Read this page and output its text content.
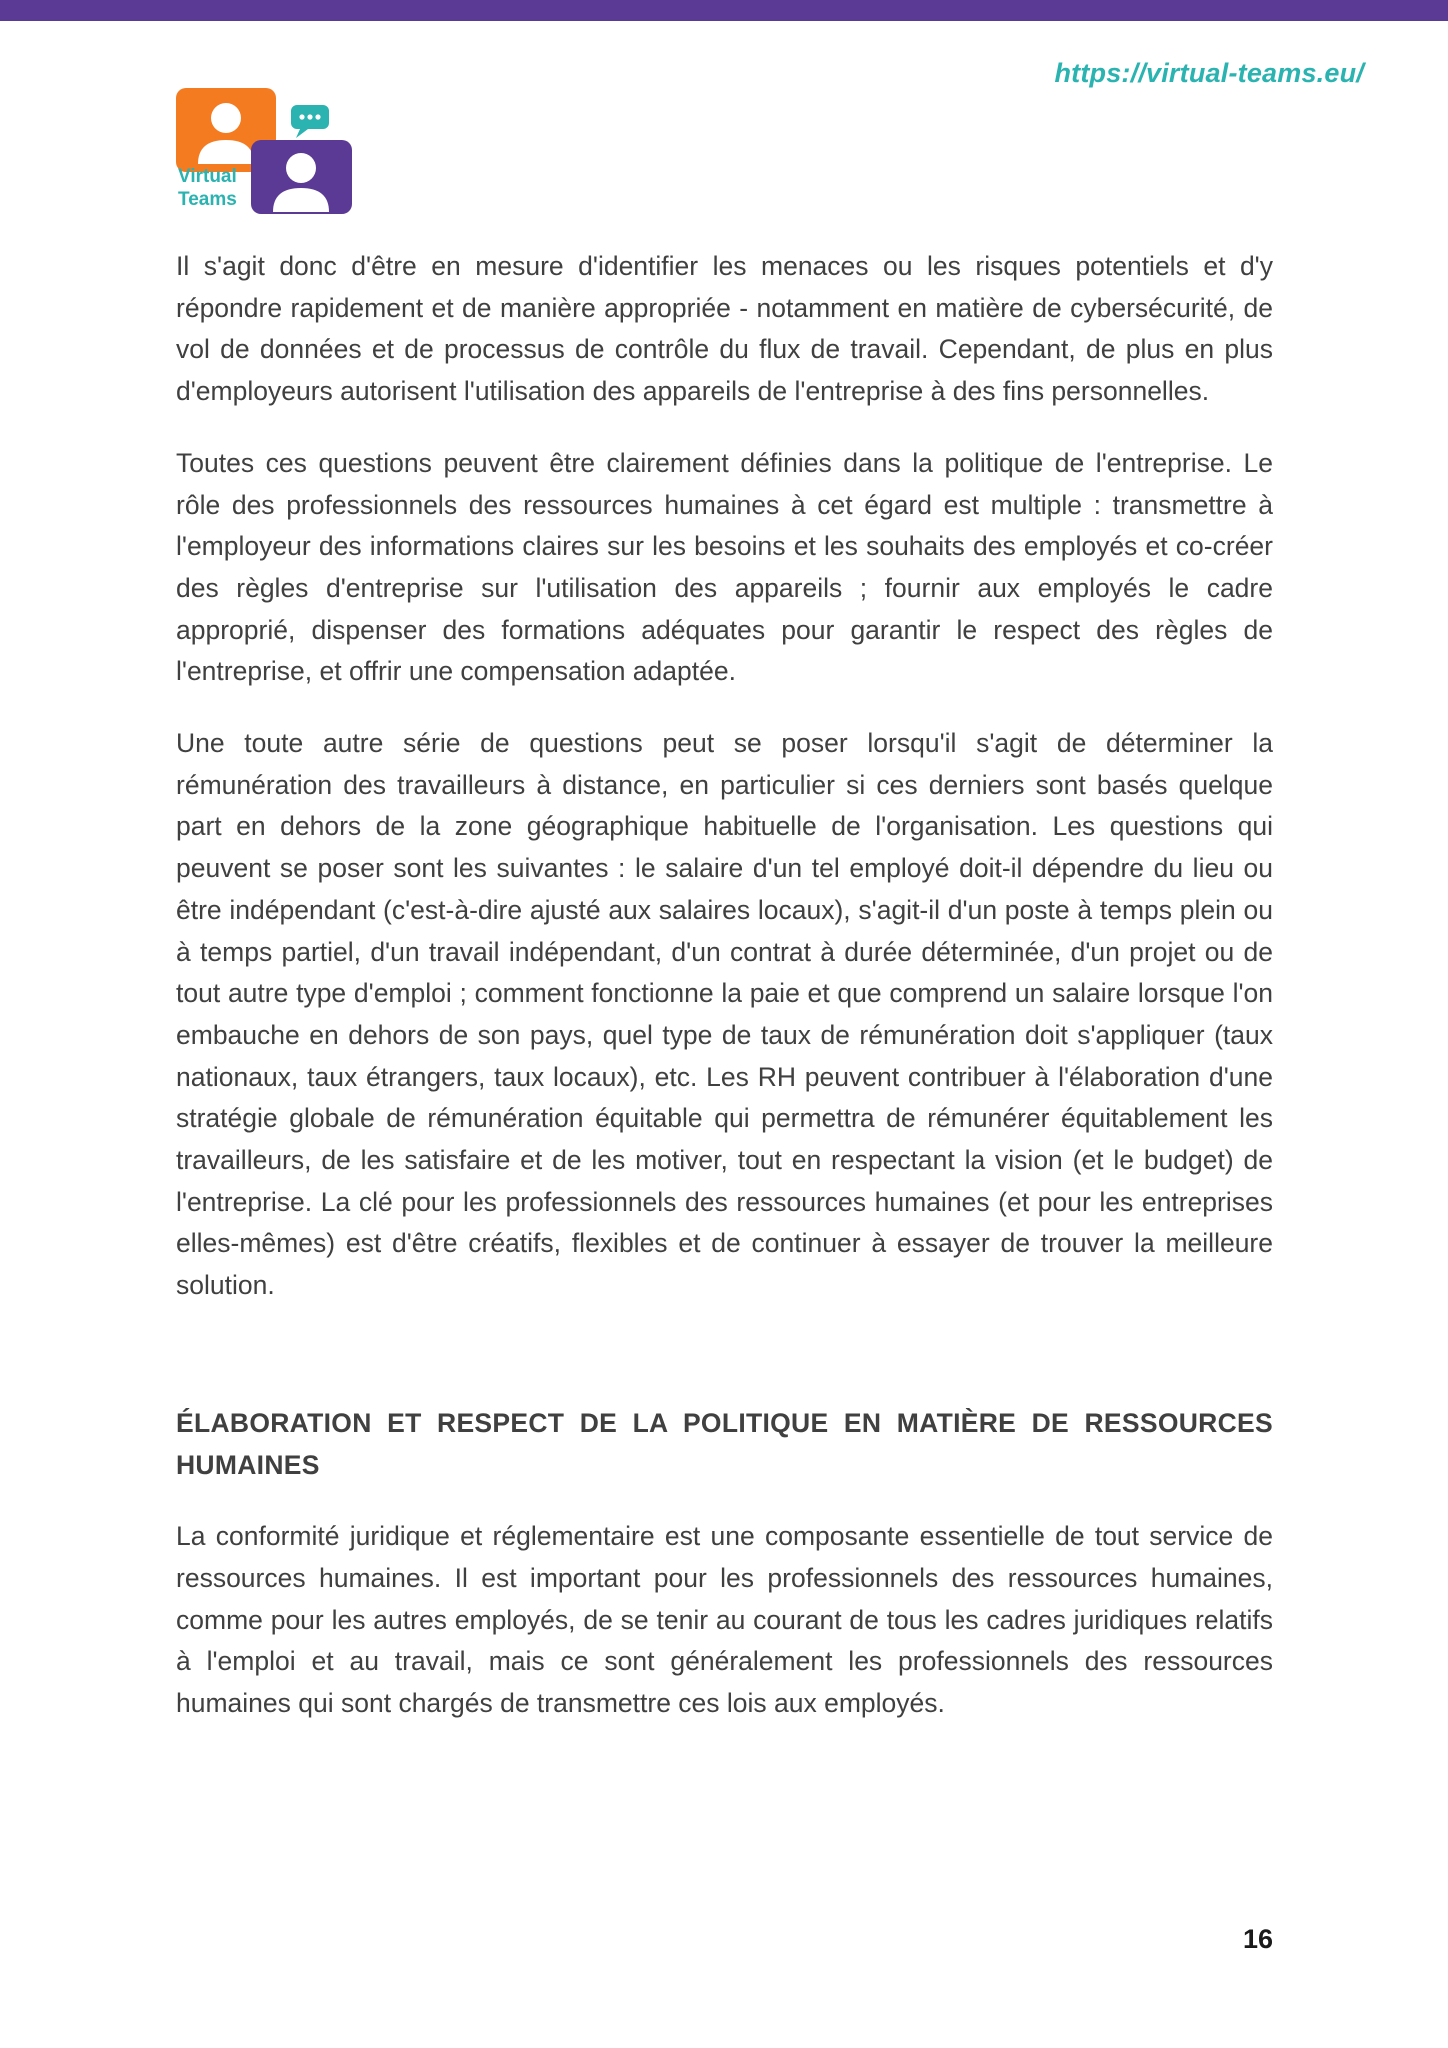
https://virtual-teams.eu/
Virtual
Teams

Il s'agit donc d'être en mesure d'identifier les menaces ou les risques potentiels et d'y répondre rapidement et de manière appropriée - notamment en matière de cybersécurité, de vol de données et de processus de contrôle du flux de travail. Cependant, de plus en plus d'employeurs autorisent l'utilisation des appareils de l'entreprise à des fins personnelles.

Toutes ces questions peuvent être clairement définies dans la politique de l'entreprise. Le rôle des professionnels des ressources humaines à cet égard est multiple : transmettre à l'employeur des informations claires sur les besoins et les souhaits des employés et co-créer des règles d'entreprise sur l'utilisation des appareils ; fournir aux employés le cadre approprié, dispenser des formations adéquates pour garantir le respect des règles de l'entreprise, et offrir une compensation adaptée.

Une toute autre série de questions peut se poser lorsqu'il s'agit de déterminer la rémunération des travailleurs à distance, en particulier si ces derniers sont basés quelque part en dehors de la zone géographique habituelle de l'organisation. Les questions qui peuvent se poser sont les suivantes : le salaire d'un tel employé doit-il dépendre du lieu ou être indépendant (c'est-à-dire ajusté aux salaires locaux), s'agit-il d'un poste à temps plein ou à temps partiel, d'un travail indépendant, d'un contrat à durée déterminée, d'un projet ou de tout autre type d'emploi ; comment fonctionne la paie et que comprend un salaire lorsque l'on embauche en dehors de son pays, quel type de taux de rémunération doit s'appliquer (taux nationaux, taux étrangers, taux locaux), etc. Les RH peuvent contribuer à l'élaboration d'une stratégie globale de rémunération équitable qui permettra de rémunérer équitablement les travailleurs, de les satisfaire et de les motiver, tout en respectant la vision (et le budget) de l'entreprise. La clé pour les professionnels des ressources humaines (et pour les entreprises elles-mêmes) est d'être créatifs, flexibles et de continuer à essayer de trouver la meilleure solution.

ÉLABORATION ET RESPECT DE LA POLITIQUE EN MATIÈRE DE RESSOURCES HUMAINES

La conformité juridique et réglementaire est une composante essentielle de tout service de ressources humaines. Il est important pour les professionnels des ressources humaines, comme pour les autres employés, de se tenir au courant de tous les cadres juridiques relatifs à l'emploi et au travail, mais ce sont généralement les professionnels des ressources humaines qui sont chargés de transmettre ces lois aux employés.

16
